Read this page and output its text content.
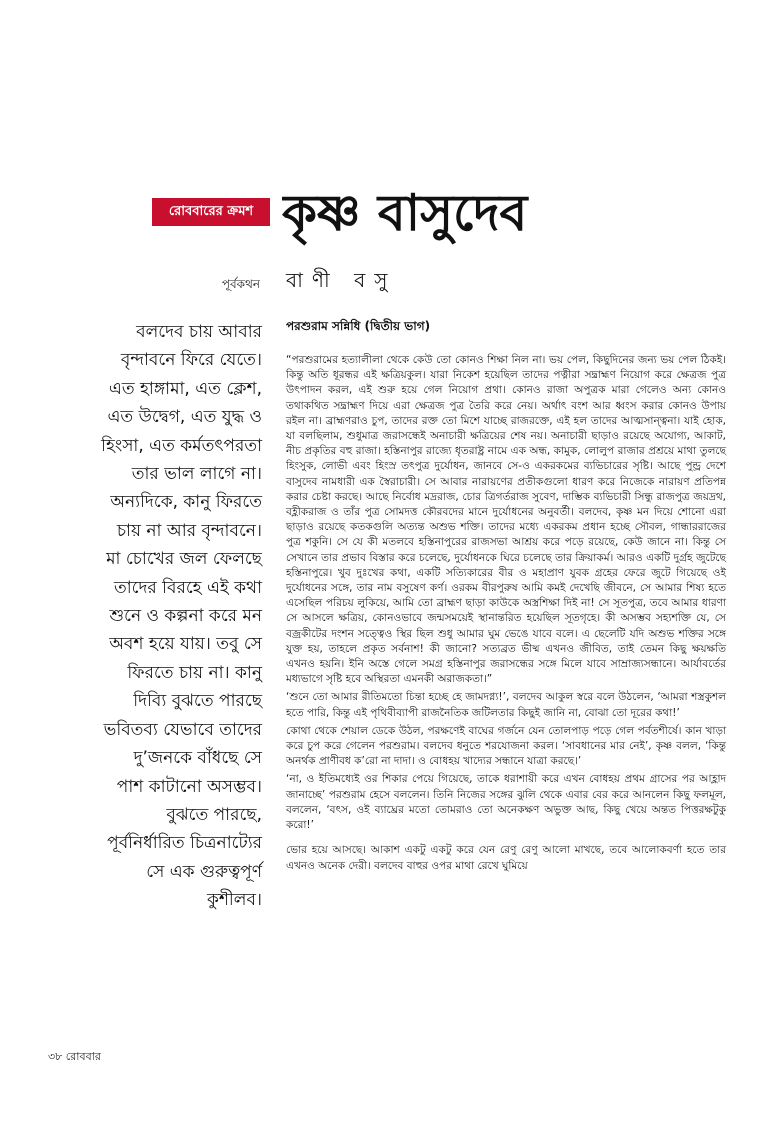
রোববারের ক্রমশ কৃষ্ণ বাসুদেব
পূর্বকথন বাণী বসু
পরশুরাম সন্নিধি (দ্বিতীয় ভাগ)
বলদেব চায় আবার
বৃন্দাবনে ফিরে যেতে।
এত হাঙ্গামা, এত ক্লেশ,
এত উদ্বেগ, এত যুদ্ধ ও
হিংসা, এত কর্মতৎপরতা
তার ভাল লাগে না।
অন্যদিকে, কানু ফিরতে
চায় না আর বৃন্দাবনে।
মা চোখের জল ফেলছে
তাদের বিরহে এই কথা
শুনে ও কল্পনা করে মন
অবশ হয়ে যায়। তবু সে
ফিরতে চায় না। কানু
দিব্যি বুঝতে পারছে
ভবিতব্য যেভাবে তাদের
দু’জনকে বাঁধছে সে
পাশ কাটানো অসম্ভব।
বুঝতে পারছে,
পূর্বনির্ধারিত চিত্রনাট্যের
সে এক গুরুত্বপূর্ণ
কুশীলব।

“পরশুরামের হত্যালীলা থেকে কেউ তো কোনও শিক্ষা নিল না। ভয় পেল, কিছুদিনের জন্য ভয় পেল ঠিকই। কিন্তু অতি ধূরন্ধর এই ক্ষত্রিয়কুল। যারা নিকেশ হয়েছিল তাদের পত্নীরা সদ্ব্রাহ্মণ নিয়োগ করে ক্ষেত্রজ পুত্র উৎপাদন করল, এই শুরু হয়ে গেল নিয়োগ প্রথা। কোনও রাজা অপুত্রক মারা গেলেও অন্য কোনও তথাকথিত সদ্ব্রাহ্মণ দিয়ে এরা ক্ষেত্রজ পুত্র তৈরি করে নেয়। অর্থাৎ বংশ আর ধ্বংস করার কোনও উপায় রইল না। ব্রাহ্মণরাও চুপ, তাদের রক্ত তো মিশে যাচ্ছে রাজরক্তে, এই হল তাদের আত্মসান্ত্বনা। যাই হোক, যা বলছিলাম, শুধুমাত্র জরাসন্ধেই অনাচারী ক্ষত্রিয়ের শেষ নয়। অনাচারী ছাড়াও রয়েছে অযোগ্য, আকাট, নীচ প্রকৃতির বহু রাজা। হস্তিনাপুর রাজ্যে ধৃতরাষ্ট্র নামে এক অন্ধ, কামুক, লোলুপ রাজার প্রশ্রয়ে মাথা তুলছে হিংসুক, লোভী এবং হিংস্র তৎপুত্র দুর্যোধন, জানবে সে-ও একরকমের ব্যভিচারের সৃষ্টি। আছে পুন্ড্র দেশে বাসুদেব নামধারী এক স্বৈরাচারী। সে আবার নারায়ণের প্রতীকগুলো ধারণ করে নিজেকে নারায়ণ প্রতিপন্ন করার চেষ্টা করছে। আছে নির্বোধ মদ্ররাজ, চোর ত্রিগর্তরাজ সুবেণ, দাম্ভিক ব্যভিচারী সিন্ধু রাজপুত্র জয়দ্রথ, বহ্লীকরাজ ও তাঁর পুত্র সোমদত্ত কৌরবদের মানে দুর্যোধনের অনুবর্তী। বলদেব, কৃষ্ণ মন দিয়ে শোনো এরা ছাড়াও রয়েছে কতকগুলি অত্যন্ত অশুভ শক্তি। তাদের মধ্যে একরকম প্রধান হচ্ছে সৌবল, গান্ধাররাজের পুত্র শকুনি। সে যে কী মতলবে হস্তিনাপুরের রাজসভা আশ্রয় করে পড়ে রয়েছে, কেউ জানে না। কিন্তু সে সেখানে তার প্রভাব বিস্তার করে চলেছে, দুর্যোধনকে ঘিরে চলেছে তার ক্রিয়াকর্ম। আরও একটি দুর্গ্রহ জুটেছে হস্তিনাপুরে। খুব দুঃখের কথা, একটি সত্যিকারের বীর ও মহাপ্রাণ যুবক গ্রহের ফেরে জুটে গিয়েছে ওই দুর্যোধনের সঙ্গে, তার নাম বসুষেণ কর্ণ। ওরকম বীরপুরুষ আমি কমই দেখেছি জীবনে, সে আমার শিষ্য হতে এসেছিল পরিচয় লুকিয়ে, আমি তো ব্রাহ্মণ ছাড়া কাউকে অস্ত্রশিক্ষা দিই না! সে সূতপুত্র, তবে আমার ধারণা সে আসলে ক্ষত্রিয়, কোনওভাবে জন্মসময়েই স্থানান্তরিত হয়েছিল সূতগৃহে। কী অসম্ভব সহ্যশক্তি যে, সে বজ্রকীটের দংশন সত্ত্বেও স্থির ছিল শুধু আমার ঘুম ভেঙে যাবে বলে। এ ছেলেটি যদি অশুভ শক্তির সঙ্গে যুক্ত হয়, তাহলে প্রকৃত সর্বনাশ! কী জানো? সত্যব্রত ভীষ্ম এখনও জীবিত, তাই তেমন কিছু ক্ষয়ক্ষতি এখনও হয়নি। ইনি অস্তে গেলে সমগ্র হস্তিনাপুর জরাসন্ধের সঙ্গে মিলে যাবে সাম্রাজ্যসন্ধানে। আর্যাবর্তের মধ্যভাগে সৃষ্টি হবে অস্থিরতা এমনকী অরাজকতা।”

‘শুনে তো আমার রীতিমতো চিন্তা হচ্ছে হে জামদগ্ন্য!’, বলদেব আকুল স্বরে বলে উঠলেন, ‘আমরা শস্ত্রকুশল হতে পারি, কিন্তু এই পৃথিবীব্যাপী রাজনৈতিক জটিলতার কিছুই জানি না, বোঝা তো দূরের কথা!’

কোথা থেকে শেয়াল ডেকে উঠল, পরক্ষণেই বাঘের গর্জনে যেন তোলপাড় পড়ে গেল পর্বতশীর্ষে। কান খাড়া করে চুপ করে গেলেন পরশুরাম। বলদেব ধনুতে শরযোজনা করল। ‘সাবধানের মার নেই’, কৃষ্ণ বলল, ‘কিন্তু অনর্থক প্রাণীবধ ক’রো না দাদা। ও বোধহয় খাদ্যের সন্ধানে যাত্রা করছে।’

‘না, ও ইতিমধ্যেই ওর শিকার পেয়ে গিয়েছে, তাকে ধরাশায়ী করে এখন বোধহয় প্রথম গ্রাসের পর আহ্লাদ জানাচ্ছে’ পরশুরাম হেসে বললেন। তিনি নিজের সঙ্গের ঝুলি থেকে এবার বের করে আনলেন কিছু ফলমূল, বললেন, ‘বৎস, ওই ব্যাঘ্রের মতো তোমরাও তো অনেকক্ষণ অভুক্ত আছ, কিছু খেয়ে অন্তত পিত্তরক্ষটুকু করো!’

ভোর হয়ে আসছে। আকাশ একটু একটু করে যেন রেণু রেণু আলো মাখছে, তবে আলোকবর্ণা হতে তার এখনও অনেক দেরী। বলদেব বাহুর ওপর মাথা রেখে ঘুমিয়ে

৩৮ রোববার
